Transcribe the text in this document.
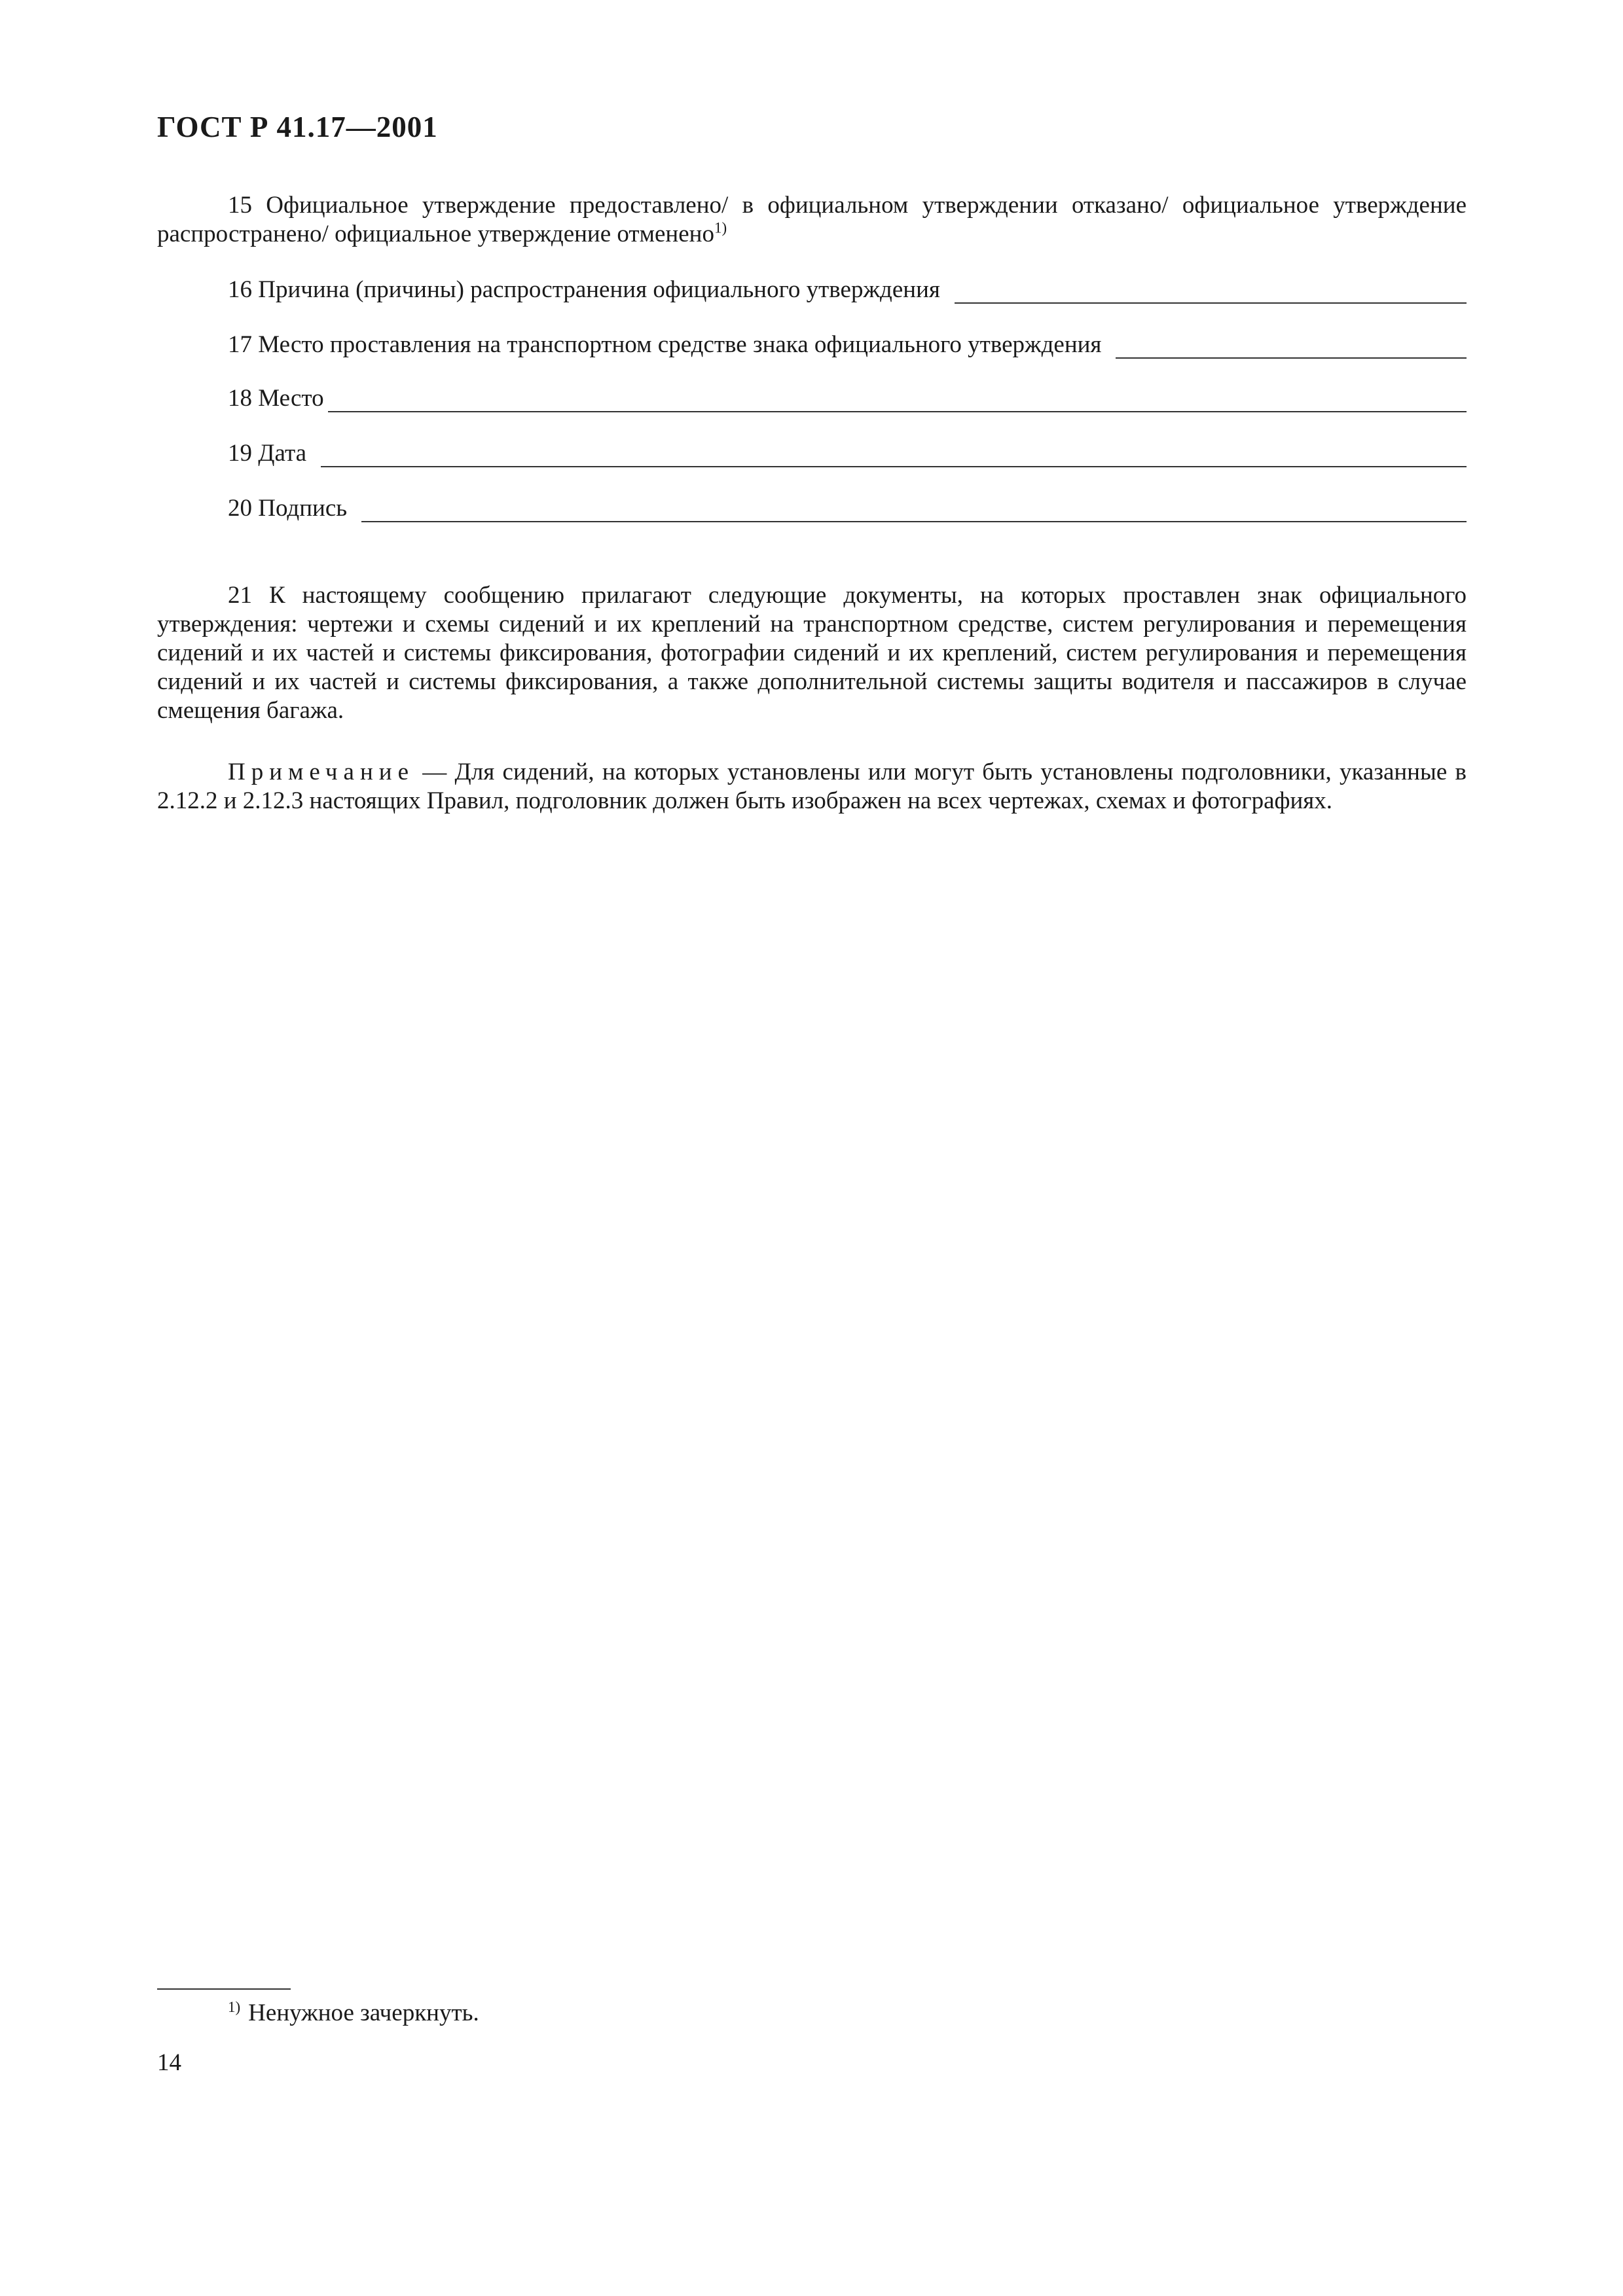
ГОСТ Р 41.17—2001

15 Официальное утверждение предоставлено/ в официальном утверждении отказано/ официальное утверждение распространено/ официальное утверждение отменено$^{1)}$

16 Причина (причины) распространения официального утверждения
17 Место проставления на транспортном средстве знака официального утверждения
18 Место
19 Дата
20 Подпись

21 К настоящему сообщению прилагают следующие документы, на которых проставлен знак официального утверждения: чертежи и схемы сидений и их креплений на транспортном средстве, систем регулирования и перемещения сидений и их частей и системы фиксирования, фотографии сидений и их креплений, систем регулирования и перемещения сидений и их частей и системы фиксирования, а также дополнительной системы защиты водителя и пассажиров в случае смещения багажа.

Примечание — Для сидений, на которых установлены или могут быть установлены подголовники, указанные в 2.12.2 и 2.12.3 настоящих Правил, подголовник должен быть изображен на всех чертежах, схемах и фотографиях.

$^{1)}$ Ненужное зачеркнуть.
14
